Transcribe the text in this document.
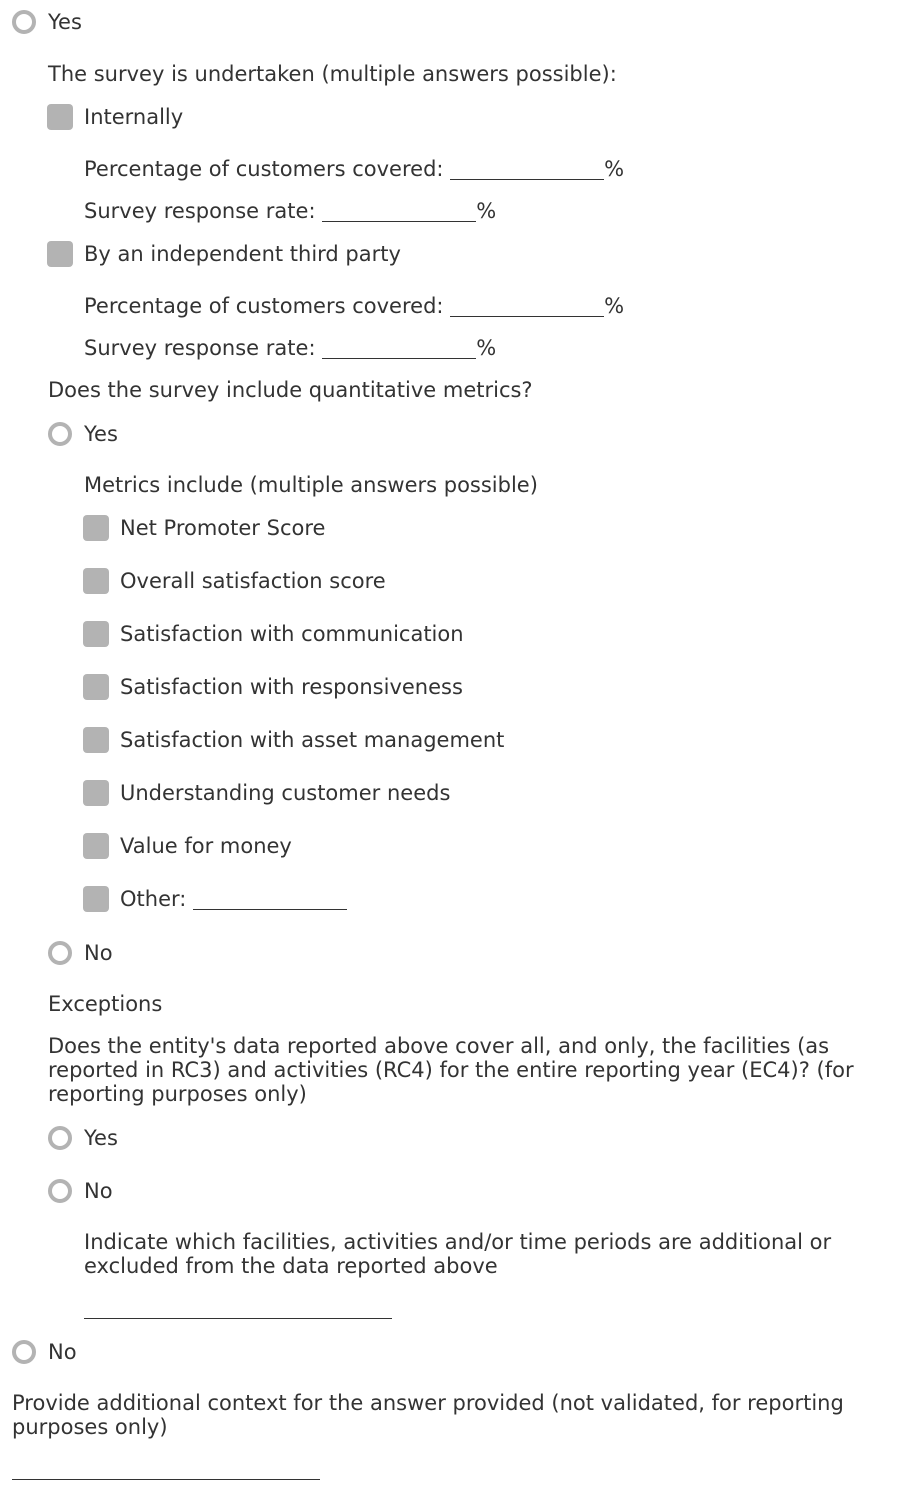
Yes
The survey is undertaken (multiple answers possible):
Internally
Percentage of customers covered:
	%
Survey response rate:
	%
By an independent third party
Percentage of customers covered:
	%
Survey response rate:
	%
Does the survey include quantitative metrics?
Yes
Metrics include (multiple answers possible)
Net Promoter Score
Overall satisfaction score
Satisfaction with communication
Satisfaction with responsiveness
Satisfaction with asset management
Understanding customer needs
Value for money
Other:

No
Exceptions
Does the entity's data reported above cover all, and only, the facilities (as reported in RC3) and activities (RC4) for the entire reporting year (EC4)? (for reporting purposes only)
Yes
No
Indicate which facilities, activities and/or time periods are additional or excluded from the data reported above
No
Provide additional context for the answer provided (not validated, for reporting purposes only)
